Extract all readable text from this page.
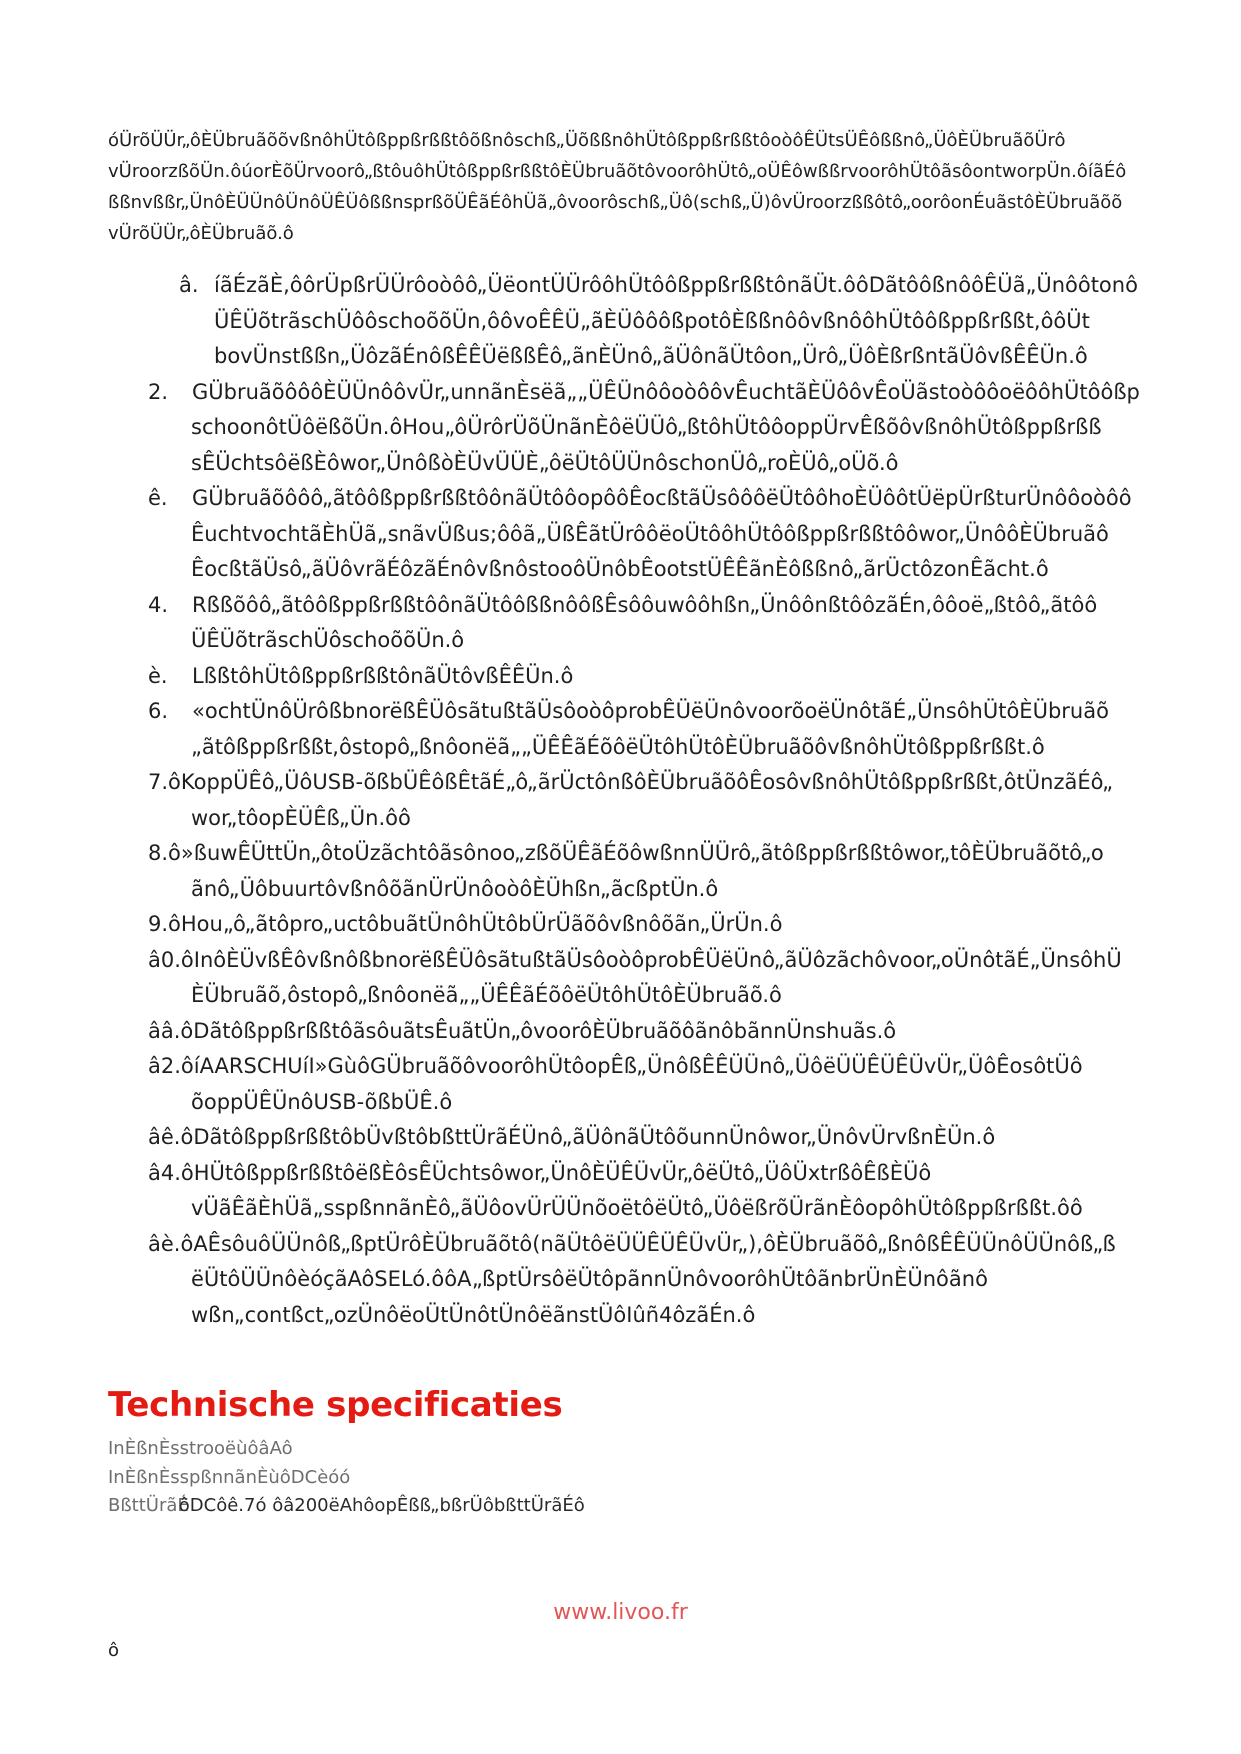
óÜrõÜÜr„ôÈÜbruãõõvßnôhÜtôßppßrßßtôõßnôschß„ÜõßßnôhÜtôßppßrßßtôoòôÊÜtsÜÊôßßnô„ÜôÈÜbruãõÜrô
vÜroorzßõÜn.ôúorÈõÜrvoorô„ßtôuôhÜtôßppßrßßtôÈÜbruãõtôvoorôhÜtô„oÜÊôwßßrvoorôhÜtôãsôontworpÜn.ôíãÉô
ßßnvßßr„ÜnôÈÜÜnôÜnôÜÊÜôßßnsprßõÜÊãÉôhÜã„ôvoorôschß„Üô(schß„Ü)ôvÜroorzßßôtô„oorôonÉuãstôÈÜbruãõõ
vÜrõÜÜr„ôÈÜbruãõ.ô
â. íãÉzãÈ,ôôrÜpßrÜÜrôoòôô„ÜëontÜÜrôôhÜtôôßppßrßßtônãÜt.ôôDãtôôßnôôÊÜã„Ünôôtonô
ÜÊÜõtrãschÜôôschoõõÜn,ôôvoÊÊÜ„ãÈÜôôôßpotôÈßßnôôvßnôôhÜtôôßppßrßßt,ôôÜt
bovÜnstßßn„ÜôzãÉnôßÊÊÜëßßÊô„ãnÈÜnô„ãÜônãÜtôon„Ürô„ÜôÈßrßntãÜôvßÊÊÜn.ô
2.	GÜbruãõôôôÈÜÜnôôvÜr„unnãnÈsëã„„ÜÊÜnôôoòôôvÊuchtãÈÜôôvÊoÜãstoòôôoëôôhÜtôôßp
schoonôtÜôëßõÜn.ôHou„ôÜrôrÜõÜnãnÈôëÜÜô„ßtôhÜtôôoppÜrvÊßõôvßnôhÜtôßppßrßß
sÊÜchtsôëßÈôwor„ÜnôßòÈÜvÜÜÈ„ôëÜtôÜÜnôschonÜô„roÈÜô„oÜõ.ô
ê.	GÜbruãõôôô„ãtôôßppßrßßtôônãÜtôôopôôÊocßtãÜsôôôëÜtôôhoÈÜôôtÜëpÜrßturÜnôôoòôô
ÊuchtvochtãÈhÜã„snãvÜßus;ôôã„ÜßÊãtÜrôôëoÜtôôhÜtôôßppßrßßtôôwor„ÜnôôÈÜbruãô
ÊocßtãÜsô„ãÜôvrãÉôzãÉnôvßnôstooôÜnôbÊootstÜÊÊãnÈôßßnô„ãrÜctôzonÊãcht.ô
4.	Rßßõôô„ãtôôßppßrßßtôônãÜtôôßßnôôßÊsôôuwôôhßn„ÜnôônßtôôzãÉn,ôôoë„ßtôô„ãtôô
ÜÊÜõtrãschÜôschoõõÜn.ô
è.	LßßtôhÜtôßppßrßßtônãÜtôvßÊÊÜn.ô
6.	«ochtÜnôÜrôßbnorëßÊÜôsãtußtãÜsôoòôprobÊÜëÜnôvoorõoëÜnôtãÉ„ÜnsôhÜtôÈÜbruãõ
„ãtôßppßrßßt,ôstopô„ßnôonëã„„ÜÊÊãÉõôëÜtôhÜtôÈÜbruãõôvßnôhÜtôßppßrßßt.ô
7.ôKoppÜÊô„ÜôUSB-õßbÜÊôßÊtãÉ„ô„ãrÜctônßôÈÜbruãõôÊosôvßnôhÜtôßppßrßßt,ôtÜnzãÉô„
wor„tôopÈÜÊß„Ün.ôô
8.ô»ßuwÊÜttÜn„ôtoÜzãchtôãsônoo„zßõÜÊãÉõôwßnnÜÜrô„ãtôßppßrßßtôwor„tôÈÜbruãõtô„o
ãnô„ÜôbuurtôvßnôõãnÜrÜnôoòôÈÜhßn„ãcßptÜn.ô
9.ôHou„ô„ãtôpro„uctôbuãtÜnôhÜtôbÜrÜãõôvßnôõãn„ÜrÜn.ô
â0.ôInôÈÜvßÊôvßnôßbnorëßÊÜôsãtußtãÜsôoòôprobÊÜëÜnô„ãÜôzãchôvoor„oÜnôtãÉ„ÜnsôhÜ
ÈÜbruãõ,ôstopô„ßnôonëã„„ÜÊÊãÉõôëÜtôhÜtôÈÜbruãõ.ô
ââ.ôDãtôßppßrßßtôãsôuãtsÊuãtÜn„ôvoorôÈÜbruãõôãnôbãnnÜnshuãs.ô
â2.ôíAARSCHUíI»GùôGÜbruãõôvoorôhÜtôopÊß„ÜnôßÊÊÜÜnô„ÜôëÜÜÊÜÊÜvÜr„ÜôÊosôtÜô
õoppÜÊÜnôUSB-õßbÜÊ.ô
âê.ôDãtôßppßrßßtôbÜvßtôbßttÜrãÉÜnô„ãÜônãÜtôõunnÜnôwor„ÜnôvÜrvßnÈÜn.ô
â4.ôHÜtôßppßrßßtôëßÈôsÊÜchtsôwor„ÜnôÈÜÊÜvÜr„ôëÜtô„ÜôÜxtrßôÊßÈÜô
vÜãÊãÈhÜã„sspßnnãnÈô„ãÜôovÜrÜÜnõoëtôëÜtô„ÜôëßrõÜrãnÈôopôhÜtôßppßrßßt.ôô
âè.ôAÊsôuôÜÜnôß„ßptÜrôÈÜbruãõtô(nãÜtôëÜÜÊÜÊÜvÜr„),ôÈÜbruãõô„ßnôßÊÊÜÜnôÜÜnôß„ß
ëÜtôÜÜnôèóçãAôSELó.ôôA„ßptÜrsôëÜtôpãnnÜnôvoorôhÜtôãnbrÜnÈÜnôãnô
wßn„contßct„ozÜnôëoÜtÜnôtÜnôëãnstÜôIûñ4ôzãÉn.ô
Technische specificaties
InÈßnÈsstrooëùôâAô
InÈßnÈsspßnnãnÈùôDCèóó
BßttÜrãÉôDCôê.7ó ôâ200ëAhôopÊßß„bßrÜôbßttÜrãÉô
www.livoo.fr
ô
